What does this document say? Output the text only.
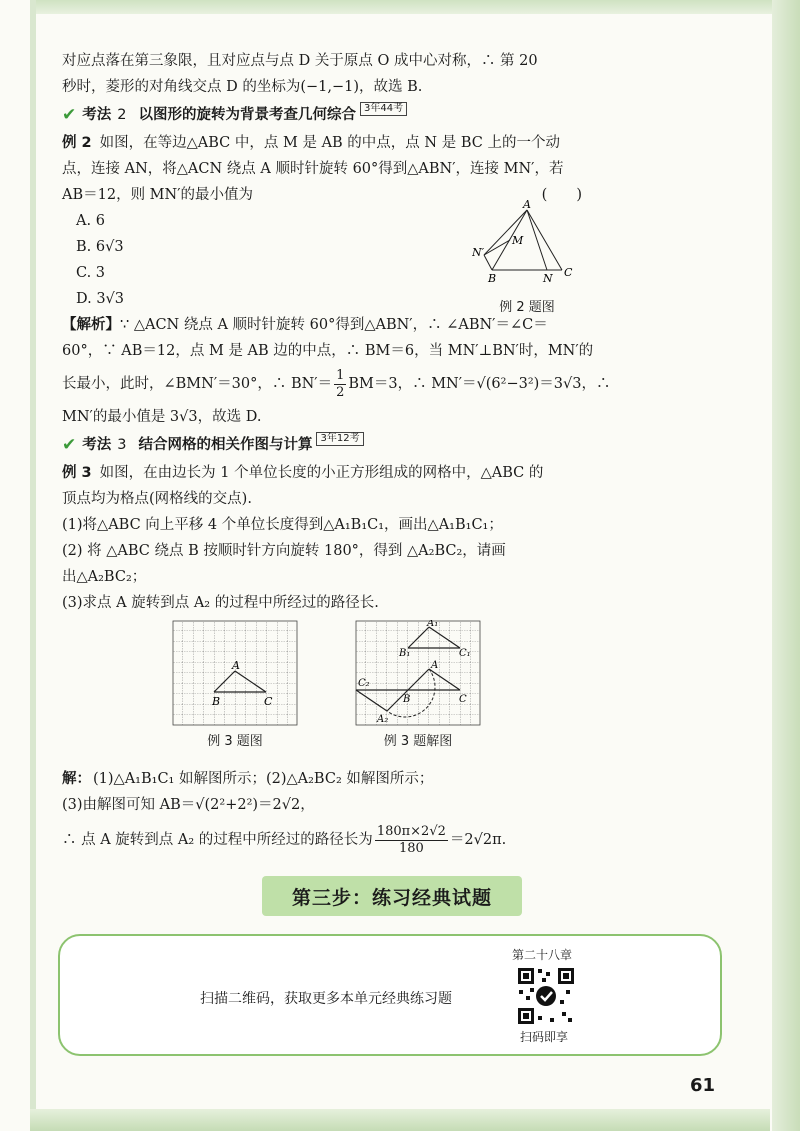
对应点落在第三象限，且对应点与点 D 关于原点 O 成中心对称，∴ 第 20
秒时，菱形的对角线交点 D 的坐标为(−1,−1)，故选 B.
✔ 考法 2 以图形的旋转为背景考查几何综合 3年44考
例 2 如图，在等边△ABC 中，点 M 是 AB 的中点，点 N 是 BC 上的一个动
点，连接 AN，将△ACN 绕点 A 顺时针旋转 60°得到△ABN′，连接 MN′，若
AB＝12，则 MN′的最小值为	(　　)
A. 6
B. 6√3
C. 3
D. 3√3
【解析】∵ △ACN 绕点 A 顺时针旋转 60°得到△ABN′，∴ ∠ABN′＝∠C＝
60°，∵ AB＝12，点 M 是 AB 边的中点，∴ BM＝6，当 MN′⊥BN′时，MN′的
长最小，此时，∠BMN′＝30°，∴ $BN'= \frac{1}{2} BM=3$，∴ MN′＝√(6²−3²)＝3√3，∴
MN′的最小值是 3√3，故选 D.
✔ 考法 3 结合网格的相关作图与计算 3年12考
例 3 如图，在由边长为 1 个单位长度的小正方形组成的网格中，△ABC 的
顶点均为格点(网格线的交点).
(1)将△ABC 向上平移 4 个单位长度得到△A₁B₁C₁，画出△A₁B₁C₁；
(2) 将 △ABC 绕点 B 按顺时针方向旋转 180°，得到 △A₂BC₂，请画
出△A₂BC₂；
(3)求点 A 旋转到点 A₂ 的过程中所经过的路径长.
解： (1)△A₁B₁C₁ 如解图所示；(2)△A₂BC₂ 如解图所示；
(3)由解图可知 AB＝√(2²+2²)＝2√2，
∴ 点 A 旋转到点 A₂ 的过程中所经过的路径长为 $\frac{180\pi\times 2√2}{180} =2√2\pi$.
A
M
N′
B	N C
例 2 题图
A
B	C
例 3 题图
A₁
B₁	C₁
A
C₂
B	C
A₂
例 3 题解图
第三步：练习经典试题
扫描二维码，获取更多本单元经典练习题
第二十八章
扫码即享
61
